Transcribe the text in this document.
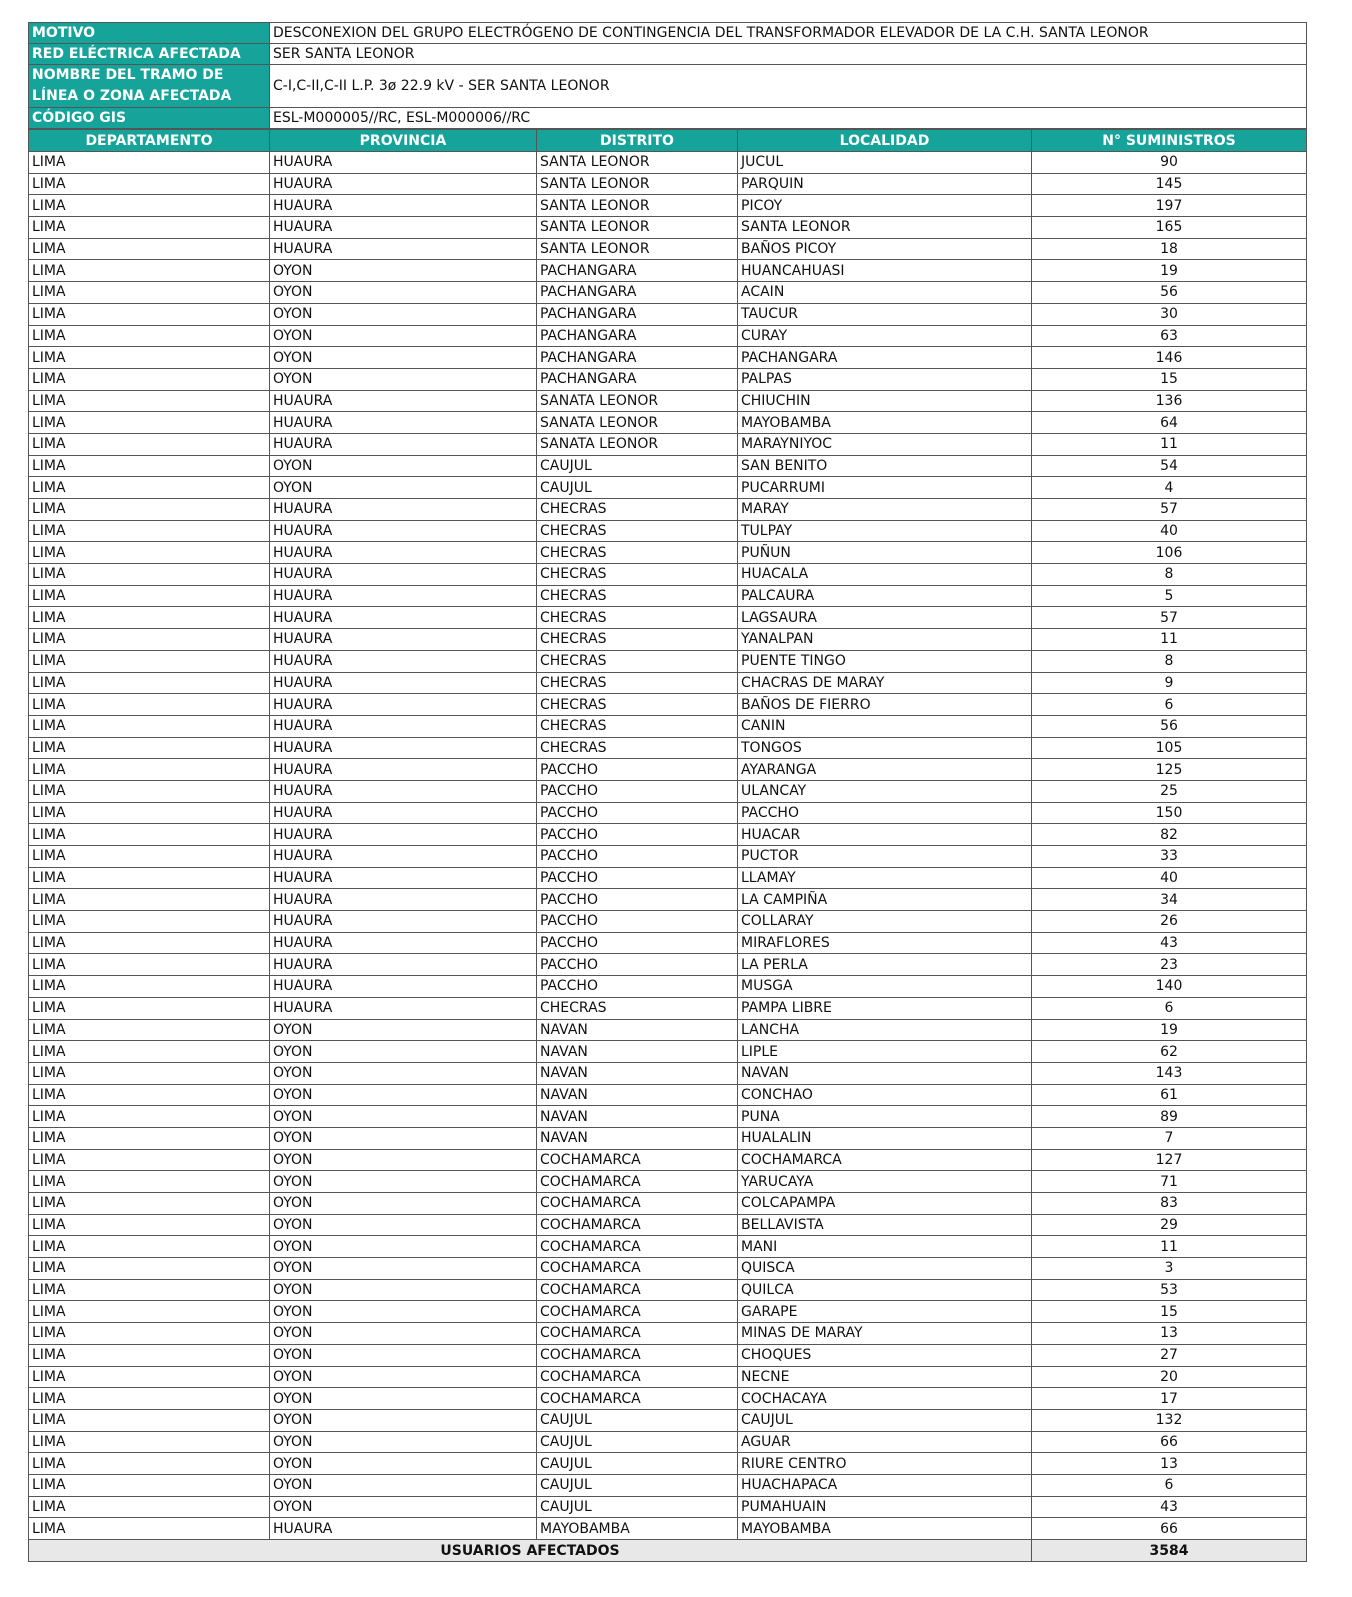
MOTIVO	DESCONEXION DEL GRUPO ELECTRÓGENO DE CONTINGENCIA DEL TRANSFORMADOR ELEVADOR DE LA C.H. SANTA LEONOR
RED ELÉCTRICA AFECTADA	SER SANTA LEONOR
NOMBRE DEL TRAMO DE LÍNEA O ZONA AFECTADA	C-I,C-II,C-II L.P. 3ø 22.9 kV - SER SANTA LEONOR
CÓDIGO GIS	ESL-M000005//RC, ESL-M000006//RC
DEPARTAMENTO	PROVINCIA	DISTRITO	LOCALIDAD	N° SUMINISTROS
LIMA	HUAURA	SANTA LEONOR	JUCUL	90
LIMA	HUAURA	SANTA LEONOR	PARQUIN	145
LIMA	HUAURA	SANTA LEONOR	PICOY	197
LIMA	HUAURA	SANTA LEONOR	SANTA LEONOR	165
LIMA	HUAURA	SANTA LEONOR	BAÑOS PICOY	18
LIMA	OYON	PACHANGARA	HUANCAHUASI	19
LIMA	OYON	PACHANGARA	ACAIN	56
LIMA	OYON	PACHANGARA	TAUCUR	30
LIMA	OYON	PACHANGARA	CURAY	63
LIMA	OYON	PACHANGARA	PACHANGARA	146
LIMA	OYON	PACHANGARA	PALPAS	15
LIMA	HUAURA	SANATA LEONOR	CHIUCHIN	136
LIMA	HUAURA	SANATA LEONOR	MAYOBAMBA	64
LIMA	HUAURA	SANATA LEONOR	MARAYNIYOC	11
LIMA	OYON	CAUJUL	SAN BENITO	54
LIMA	OYON	CAUJUL	PUCARRUMI	4
LIMA	HUAURA	CHECRAS	MARAY	57
LIMA	HUAURA	CHECRAS	TULPAY	40
LIMA	HUAURA	CHECRAS	PUÑUN	106
LIMA	HUAURA	CHECRAS	HUACALA	8
LIMA	HUAURA	CHECRAS	PALCAURA	5
LIMA	HUAURA	CHECRAS	LAGSAURA	57
LIMA	HUAURA	CHECRAS	YANALPAN	11
LIMA	HUAURA	CHECRAS	PUENTE TINGO	8
LIMA	HUAURA	CHECRAS	CHACRAS DE MARAY	9
LIMA	HUAURA	CHECRAS	BAÑOS DE FIERRO	6
LIMA	HUAURA	CHECRAS	CANIN	56
LIMA	HUAURA	CHECRAS	TONGOS	105
LIMA	HUAURA	PACCHO	AYARANGA	125
LIMA	HUAURA	PACCHO	ULANCAY	25
LIMA	HUAURA	PACCHO	PACCHO	150
LIMA	HUAURA	PACCHO	HUACAR	82
LIMA	HUAURA	PACCHO	PUCTOR	33
LIMA	HUAURA	PACCHO	LLAMAY	40
LIMA	HUAURA	PACCHO	LA CAMPIÑA	34
LIMA	HUAURA	PACCHO	COLLARAY	26
LIMA	HUAURA	PACCHO	MIRAFLORES	43
LIMA	HUAURA	PACCHO	LA PERLA	23
LIMA	HUAURA	PACCHO	MUSGA	140
LIMA	HUAURA	CHECRAS	PAMPA LIBRE	6
LIMA	OYON	NAVAN	LANCHA	19
LIMA	OYON	NAVAN	LIPLE	62
LIMA	OYON	NAVAN	NAVAN	143
LIMA	OYON	NAVAN	CONCHAO	61
LIMA	OYON	NAVAN	PUNA	89
LIMA	OYON	NAVAN	HUALALIN	7
LIMA	OYON	COCHAMARCA	COCHAMARCA	127
LIMA	OYON	COCHAMARCA	YARUCAYA	71
LIMA	OYON	COCHAMARCA	COLCAPAMPA	83
LIMA	OYON	COCHAMARCA	BELLAVISTA	29
LIMA	OYON	COCHAMARCA	MANI	11
LIMA	OYON	COCHAMARCA	QUISCA	3
LIMA	OYON	COCHAMARCA	QUILCA	53
LIMA	OYON	COCHAMARCA	GARAPE	15
LIMA	OYON	COCHAMARCA	MINAS DE MARAY	13
LIMA	OYON	COCHAMARCA	CHOQUES	27
LIMA	OYON	COCHAMARCA	NECNE	20
LIMA	OYON	COCHAMARCA	COCHACAYA	17
LIMA	OYON	CAUJUL	CAUJUL	132
LIMA	OYON	CAUJUL	AGUAR	66
LIMA	OYON	CAUJUL	RIURE CENTRO	13
LIMA	OYON	CAUJUL	HUACHAPACA	6
LIMA	OYON	CAUJUL	PUMAHUAIN	43
LIMA	HUAURA	MAYOBAMBA	MAYOBAMBA	66
USUARIOS AFECTADOS				3584
